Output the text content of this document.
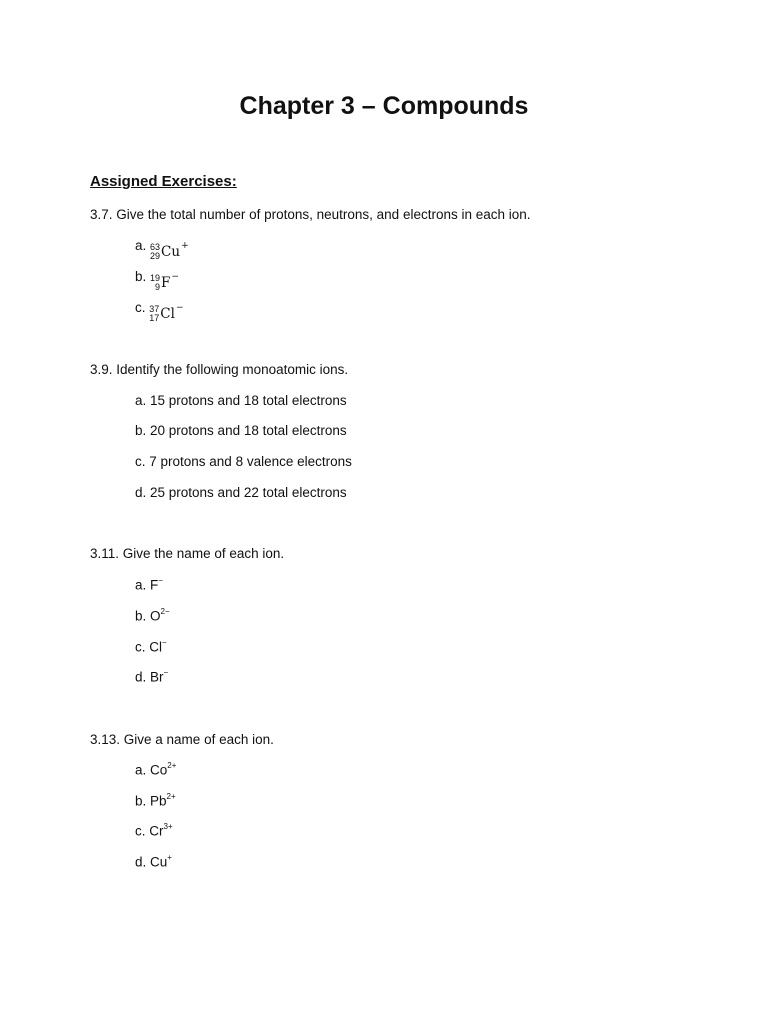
Chapter 3 – Compounds
Assigned Exercises:
3.7. Give the total number of protons, neutrons, and electrons in each ion.
a. 63
29 Cu +
b. 19
9 F −
c. 37
17 Cl −
3.9. Identify the following monoatomic ions.
a. 15 protons and 18 total electrons
b. 20 protons and 18 total electrons
c. 7 protons and 8 valence electrons
d. 25 protons and 22 total electrons
3.11. Give the name of each ion.
a. F−
b. $O^{2-}$
c. Cl−
d. Br−
3.13. Give a name of each ion.
a. $Co^{2+}$
b. $Pb^{2+}$
c. $Cr^{3+}$
d. Cu+
